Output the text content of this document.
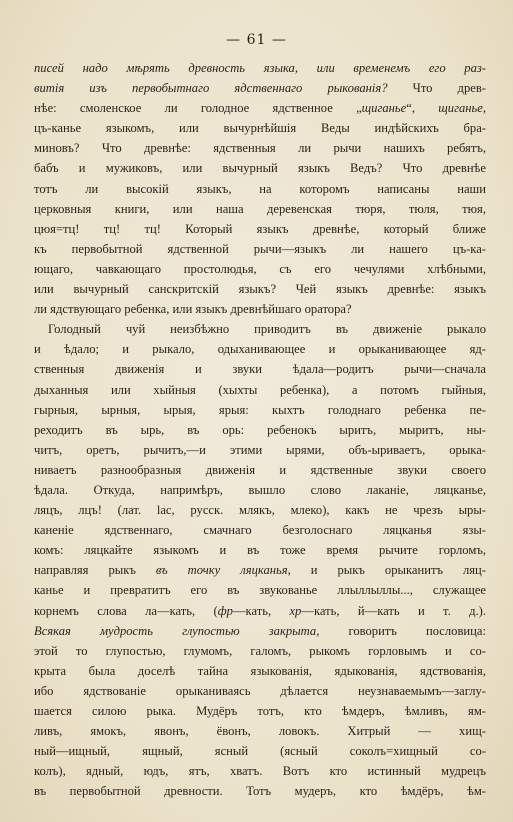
— 61 —
писей надо мѣрять древность языка, или временемъ его раз-
витія изъ первобытнаго ядственнаго рыкованія? Что древ-
нѣе: смоленское ли голодное ядственное „щиганье“, щиганье,
цъ-канье языкомъ, или вычурнѣйшія Веды индѣйскихъ бра-
миновъ? Что древнѣе: ядственныя ли рычи нашихъ ребятъ,
бабъ и мужиковъ, или вычурный языкъ Ведъ? Что древнѣе
тотъ ли высокій языкъ, на которомъ написаны наши
церковныя книги, или наша деревенская тюря, тюля, тюя,
цюя=тц! тц! тц! Который языкъ древнѣе, который ближе
къ первобытной ядственной рычи—языкъ ли нашего цъ-ка-
ющаго, чавкающаго простолюдья, съ его чечулями хлѣбными,
или вычурный санскритскій языкъ? Чей языкъ древнѣе: языкъ
ли ядствующаго ребенка, или языкъ древнѣйшаго оратора?
Голодный чуй неизбѣжно приводитъ въ движеніе рыкало
и ѣдало; и рыкало, одыханивающее и орыканивающее яд-
ственныя движенія и звуки ѣдала—родитъ рычи—сначала
дыханныя или хыйныя (хыхты ребенка), а потомъ гыйныя,
гырныя, ырныя, ырыя, ярыя: кыхтъ голоднаго ребенка пе-
реходитъ въ ырь, въ орь: ребенокъ ыритъ, мыритъ, ны-
читъ, оретъ, рычитъ,—и этими ырями, объ-ыриваетъ, орыка-
ниваетъ разнообразныя движенія и ядственные звуки своего
ѣдала. Откуда, напримѣръ, вышло слово лаканіе, ляцканье,
ляцъ, лцъ! (лат. lac, русск. млякъ, млеко), какъ не чрезъ ыры-
каненіе ядственнаго, смачнаго безголоснаго ляцканья язы-
комъ: ляцкайте языкомъ и въ тоже время рычите горломъ,
направляя рыкъ въ точку ляцканья, и рыкъ орыканитъ ляц-
канье и превратитъ его въ звукованье ллыллыллы..., служащее
корнемъ слова ла—кать, (фр—кать, хр—кать, й—кать и т. д.).
Всякая мудрость глупостью закрыта, говоритъ пословица:
этой то глупостью, глумомъ, галомъ, рыкомъ горловымъ и со-
крыта была доселѣ тайна языкованія, ядыкованія, ядствованія,
ибо ядствованіе орыканиваясь дѣлается неузнаваемымъ—заглу-
шается силою рыка. Мудёръ тотъ, кто ѣмдеръ, ѣмливъ, ям-
ливъ, ямокъ, явонъ, ёвонъ, ловокъ. Хитрый — хищ-
ный—ищный, ящный, ясный (ясный соколъ=хищный со-
колъ), ядный, юдъ, ятъ, хватъ. Вотъ кто истинный мудрецъ
въ первобытной древности. Тотъ мудеръ, кто ѣмдёръ, ѣм-
